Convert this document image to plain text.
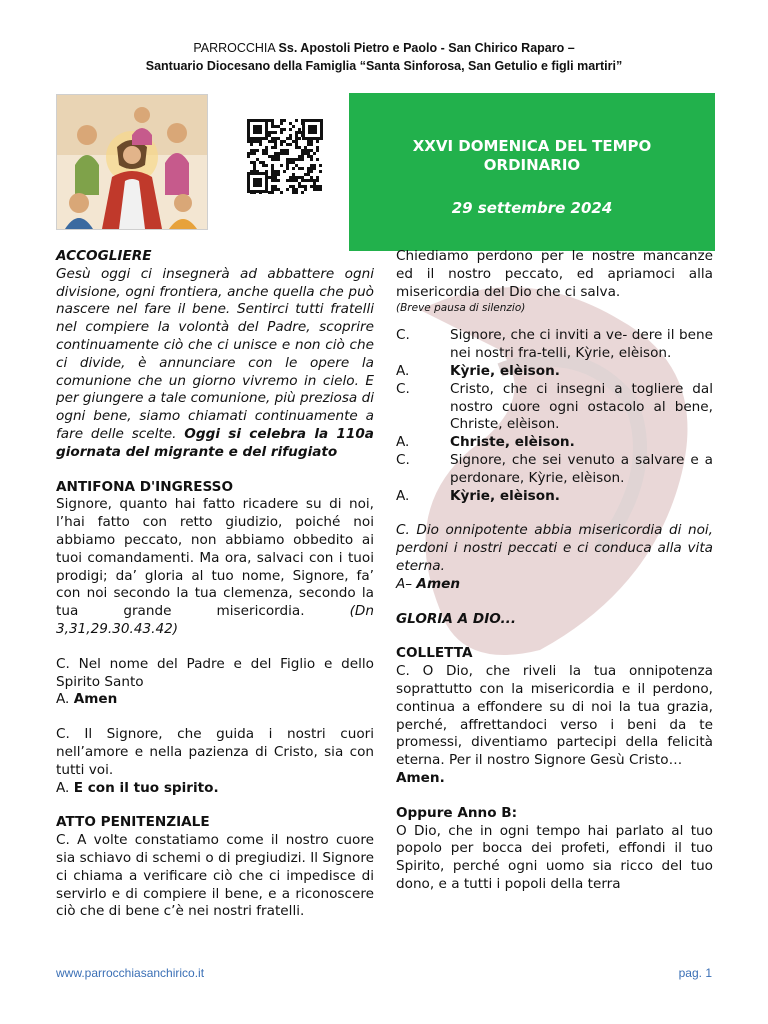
PARROCCHIA Ss. Apostoli Pietro e Paolo - San Chirico Raparo –
Santuario Diocesano della Famiglia “Santa Sinforosa, San Getulio e figli martiri”
XXVI DOMENICA DEL TEMPO
ORDINARIO
29 settembre 2024
ACCOGLIERE
Gesù oggi ci insegnerà ad abbattere ogni divisione, ogni frontiera, anche quella che può nascere nel fare il bene. Sentirci tutti fratelli nel compiere la volontà del Padre, scoprire continuamente ciò che ci unisce e non ciò che ci divide, è annunciare con le opere la comunione che un giorno vivremo in cielo. E per giungere a tale comunione, più preziosa di ogni bene, siamo chiamati continuamente a fare delle scelte. Oggi si celebra la 110a giornata del migrante e del rifugiato
ANTIFONA D'INGRESSO
Signore, quanto hai fatto ricadere su di noi, l’hai fatto con retto giudizio, poiché noi abbiamo peccato, non abbiamo obbedito ai tuoi comandamenti. Ma ora, salvaci con i tuoi prodigi; da’ gloria al tuo nome, Signore, fa’ con noi secondo la tua clemenza, secondo la tua grande misericordia.	(Dn 3,31,29.30.43.42)
C. Nel nome del Padre e del Figlio e dello Spirito Santo
A. Amen
C. Il Signore, che guida i nostri cuori nell’amore e nella pazienza di Cristo, sia con tutti voi.
A. E con il tuo spirito.
ATTO PENITENZIALE
C. A volte constatiamo come il nostro cuore sia schiavo di schemi o di pregiudizi. Il Signore ci chiama a verificare ciò che ci impedisce di servirlo e di compiere il bene, e a riconoscere ciò che di bene c’è nei nostri fratelli.
Chiediamo perdono per le nostre mancanze ed il nostro peccato, ed apriamoci alla misericordia del Dio che ci salva.
(Breve pausa di silenzio)
C.	Signore, che ci inviti a ve- dere il bene nei nostri fra-telli, Kỳrie, elèison.
A.	Kỳrie, elèison.
C.	Cristo, che ci insegni a togliere dal nostro cuore ogni ostacolo al bene, Christe, elèison.
A.	Christe, elèison.
C.	Signore, che sei venuto a salvare e a perdonare, Kỳrie, elèison.
A.	Kỳrie, elèison.
C. Dio onnipotente abbia misericordia di noi, perdoni i nostri peccati e ci conduca alla vita eterna.
A– Amen
GLORIA A DIO...
COLLETTA
C. O Dio, che riveli la tua onnipotenza soprattutto con la misericordia e il perdono, continua a effondere su di noi la tua grazia, perché, affrettandoci verso i beni da te promessi, diventiamo partecipi della felicità eterna. Per il nostro Signore Gesù Cristo…
Amen.
Oppure Anno B:
O Dio, che in ogni tempo hai parlato al tuo popolo per bocca dei profeti, effondi il tuo Spirito, perché ogni uomo sia ricco del tuo dono, e a tutti i popoli della terra
www.parrocchiasanchirico.it	pag. 1
